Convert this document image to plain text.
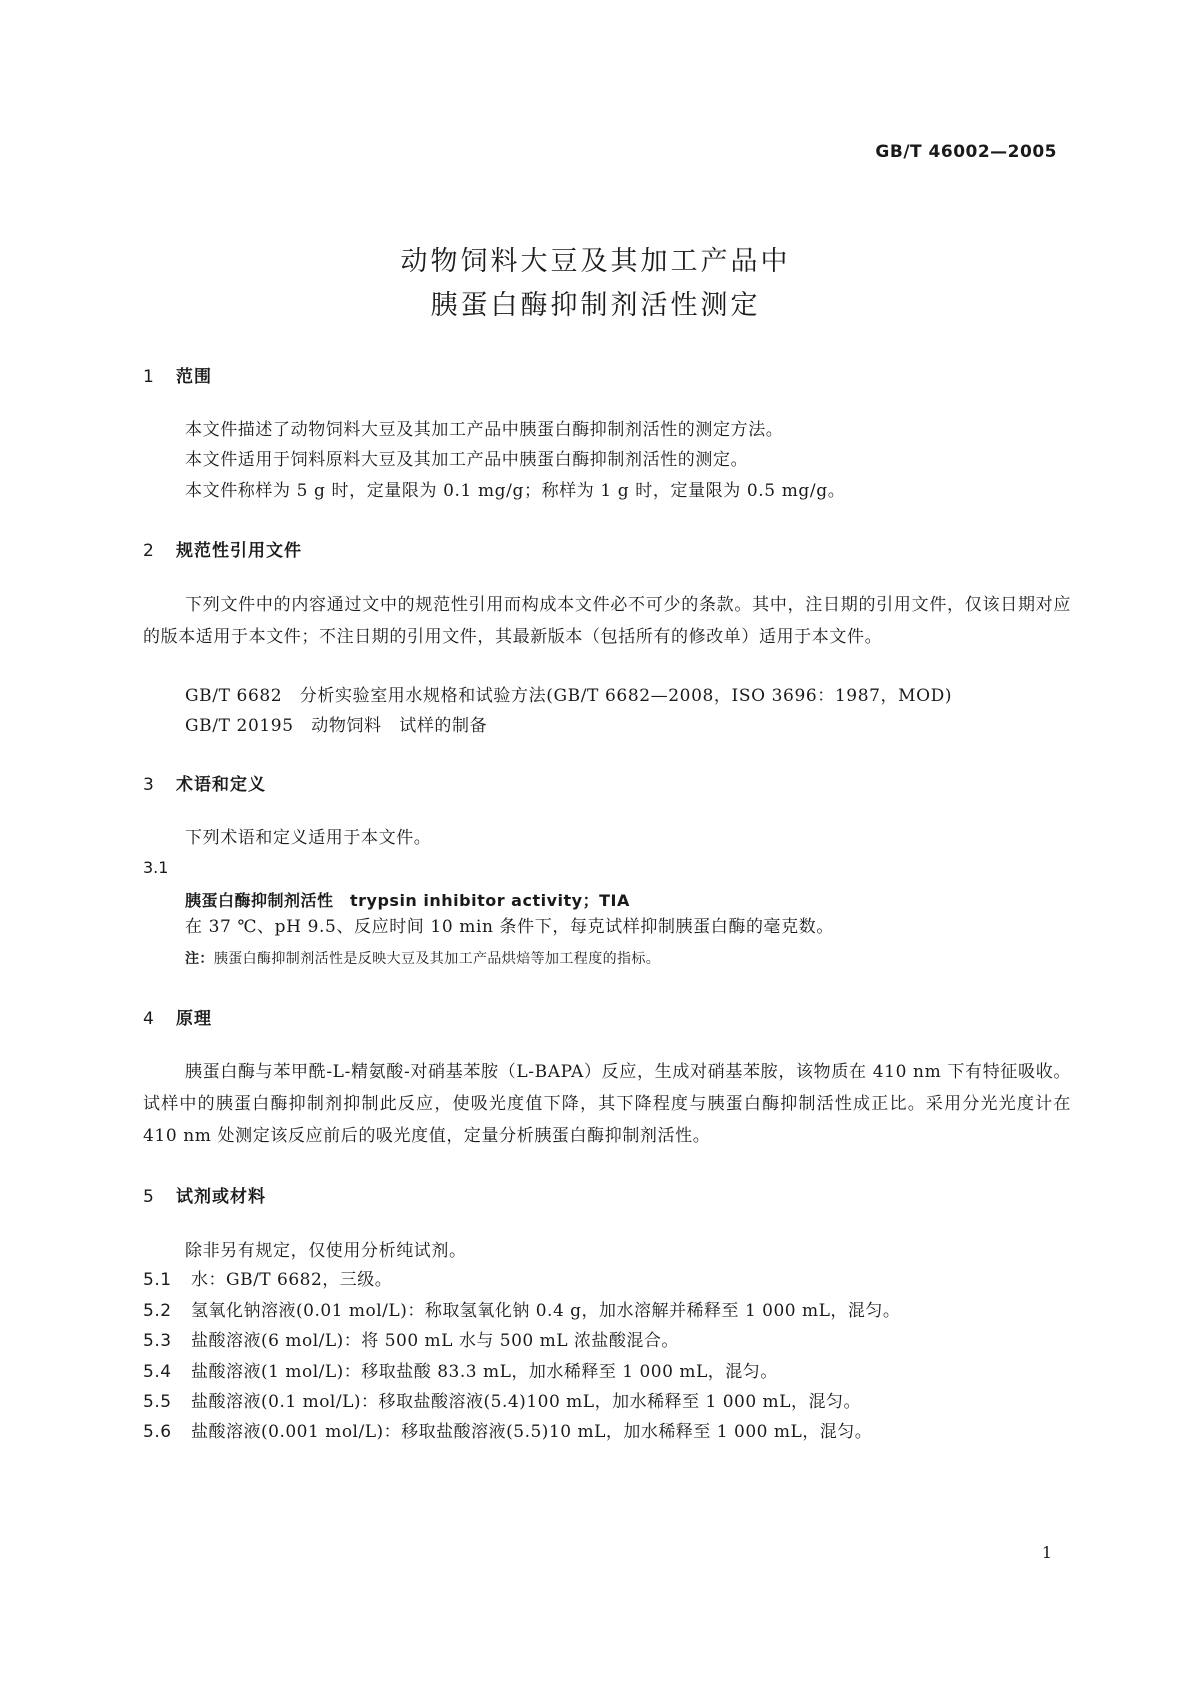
GB/T 46002—2005
动物饲料大豆及其加工产品中
胰蛋白酶抑制剂活性测定
1 范围
本文件描述了动物饲料大豆及其加工产品中胰蛋白酶抑制剂活性的测定方法。
本文件适用于饲料原料大豆及其加工产品中胰蛋白酶抑制剂活性的测定。
本文件称样为 5 g 时，定量限为 0.1 mg/g；称样为 1 g 时，定量限为 0.5 mg/g。
2 规范性引用文件
下列文件中的内容通过文中的规范性引用而构成本文件必不可少的条款。其中，注日期的引用文件，仅该日期对应的版本适用于本文件；不注日期的引用文件，其最新版本（包括所有的修改单）适用于本文件。
GB/T 6682　分析实验室用水规格和试验方法(GB/T 6682—2008，ISO 3696：1987，MOD)
GB/T 20195　动物饲料　试样的制备
3 术语和定义
下列术语和定义适用于本文件。
3.1
胰蛋白酶抑制剂活性　trypsin inhibitor activity；TIA
在 37 ℃、pH 9.5、反应时间 10 min 条件下，每克试样抑制胰蛋白酶的毫克数。
注：胰蛋白酶抑制剂活性是反映大豆及其加工产品烘焙等加工程度的指标。
4 原理
胰蛋白酶与苯甲酰-L-精氨酸-对硝基苯胺（L-BAPA）反应，生成对硝基苯胺，该物质在 410 nm 下有特征吸收。试样中的胰蛋白酶抑制剂抑制此反应，使吸光度值下降，其下降程度与胰蛋白酶抑制活性成正比。采用分光光度计在 410 nm 处测定该反应前后的吸光度值，定量分析胰蛋白酶抑制剂活性。
5 试剂或材料
除非另有规定，仅使用分析纯试剂。
5.1 水：GB/T 6682，三级。
5.2 氢氧化钠溶液(0.01 mol/L)：称取氢氧化钠 0.4 g，加水溶解并稀释至 1 000 mL，混匀。
5.3 盐酸溶液(6 mol/L)：将 500 mL 水与 500 mL 浓盐酸混合。
5.4 盐酸溶液(1 mol/L)：移取盐酸 83.3 mL，加水稀释至 1 000 mL，混匀。
5.5 盐酸溶液(0.1 mol/L)：移取盐酸溶液(5.4)100 mL，加水稀释至 1 000 mL，混匀。
5.6 盐酸溶液(0.001 mol/L)：移取盐酸溶液(5.5)10 mL，加水稀释至 1 000 mL，混匀。
1
